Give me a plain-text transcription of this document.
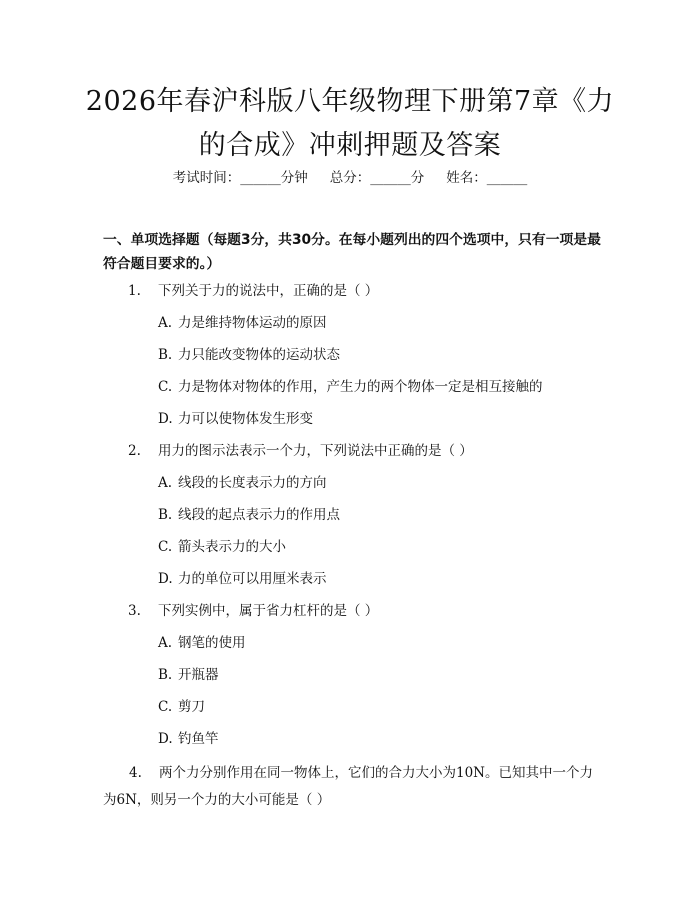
2026年春沪科版八年级物理下册第7章《力的合成》冲刺押题及答案
考试时间：______分钟 总分：______分 姓名：______
一、单项选择题（每题3分，共30分。在每小题列出的四个选项中，只有一项是最符合题目要求的。）
1. 下列关于力的说法中，正确的是（ ）
A. 力是维持物体运动的原因
B. 力只能改变物体的运动状态
C. 力是物体对物体的作用，产生力的两个物体一定是相互接触的
D. 力可以使物体发生形变
2. 用力的图示法表示一个力，下列说法中正确的是（ ）
A. 线段的长度表示力的方向
B. 线段的起点表示力的作用点
C. 箭头表示力的大小
D. 力的单位可以用厘米表示
3. 下列实例中，属于省力杠杆的是（ ）
A. 钢笔的使用
B. 开瓶器
C. 剪刀
D. 钓鱼竿
4. 两个力分别作用在同一物体上，它们的合力大小为10N。已知其中一个力为6N，则另一个力的大小可能是（ ）
